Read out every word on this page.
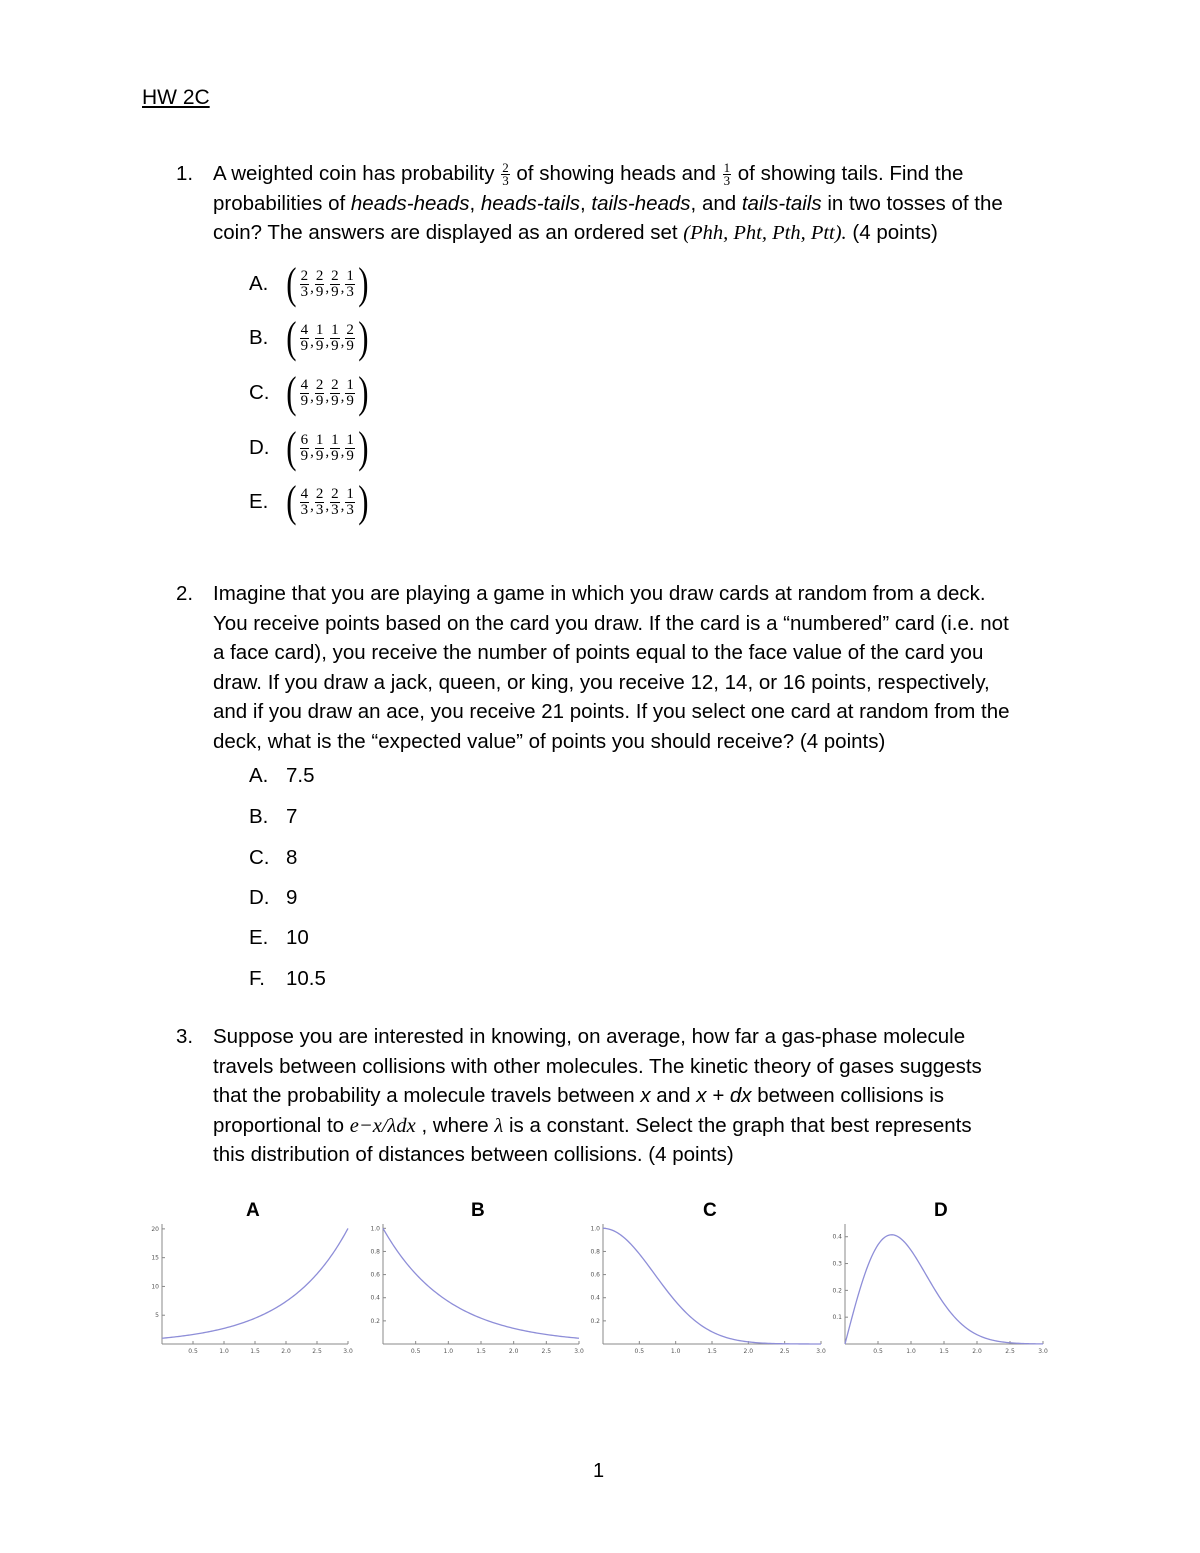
HW 2C
1. A weighted coin has probability $\frac{2}{3}$ of showing heads and $\frac{1}{3}$ of showing tails. Find the
probabilities of heads-heads, heads-tails, tails-heads, and tails-tails in two tosses of the
coin? The answers are displayed as an ordered set (Phh, Pht, Pth, Ptt). (4 points)
A. ( $\frac{2}{3}$ , $\frac{2}{9}$ , $\frac{2}{9}$ , $\frac{1}{3}$ )
B. ( $\frac{4}{9}$ , $\frac{1}{9}$ , $\frac{1}{9}$ , $\frac{2}{9}$ )
C. ( $\frac{4}{9}$ , $\frac{2}{9}$ , $\frac{2}{9}$ , $\frac{1}{9}$ )
D. ( $\frac{6}{9}$ , $\frac{1}{9}$ , $\frac{1}{9}$ , $\frac{1}{9}$ )
E. ( $\frac{4}{3}$ , $\frac{2}{3}$ , $\frac{2}{3}$ , $\frac{1}{3}$ )
2. Imagine that you are playing a game in which you draw cards at random from a deck.
You receive points based on the card you draw. If the card is a “numbered” card (i.e. not
a face card), you receive the number of points equal to the face value of the card you
draw. If you draw a jack, queen, or king, you receive 12, 14, or 16 points, respectively,
and if you draw an ace, you receive 21 points. If you select one card at random from the
deck, what is the “expected value” of points you should receive? (4 points)
A. 7.5
B. 7
C. 8
D. 9
E. 10
F. 10.5
3. Suppose you are interested in knowing, on average, how far a gas-phase molecule
travels between collisions with other molecules. The kinetic theory of gases suggests
that the probability a molecule travels between x and x + dx between collisions is
proportional to e−x/λdx , where λ is a constant. Select the graph that best represents
this distribution of distances between collisions. (4 points)
A	B	C	D
0.5	1.0	1.5	2.0	2.5	3.0
5
10
15
20
0.5	1.0	1.5	2.0	2.5	3.0
0.2
0.4
0.6
0.8
1.0
0.5	1.0	1.5	2.0	2.5	3.0
0.2
0.4
0.6
0.8
1.0
0.5	1.0	1.5	2.0	2.5	3.0
0.1
0.2
0.3
0.4
1
